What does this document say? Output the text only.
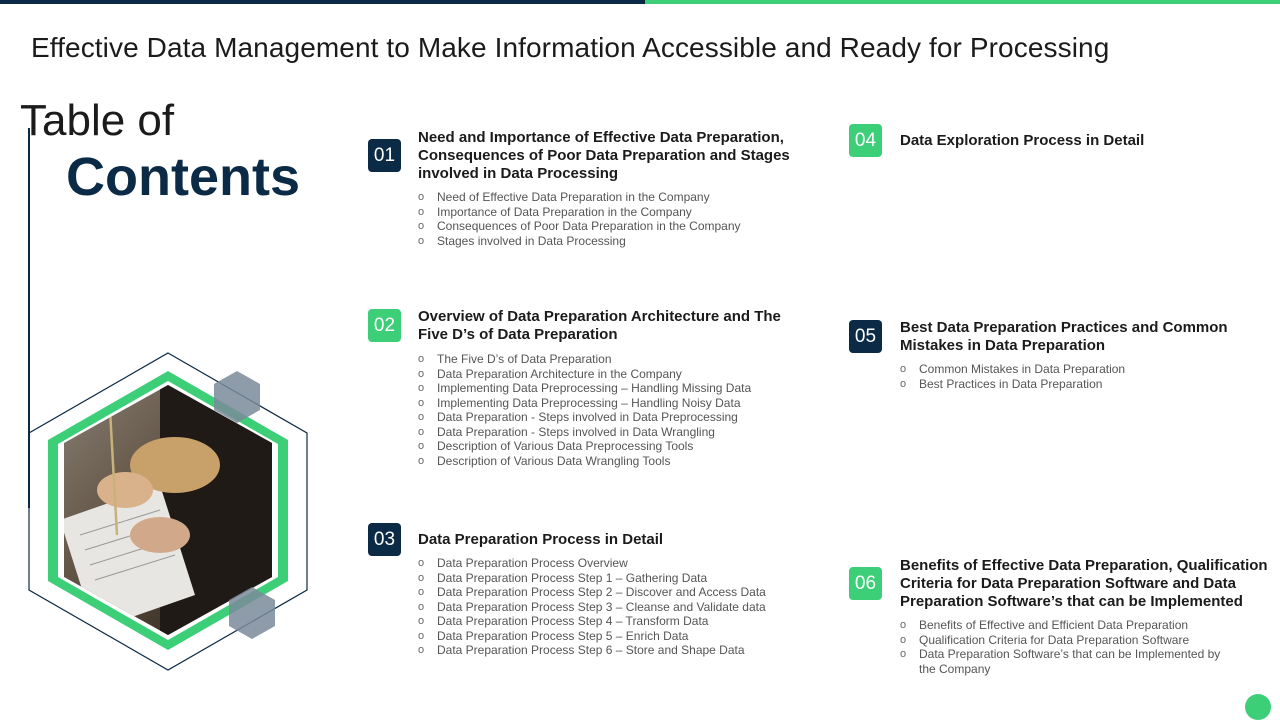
Effective Data Management to Make Information Accessible and Ready for Processing
Table of
Contents	01
Need and Importance of Effective Data Preparation, Consequences of Poor Data Preparation and Stages involved in Data Processing
o Need of Effective Data Preparation in the Company
o Importance of Data Preparation in the Company
o Consequences of Poor Data Preparation in the Company
o Stages involved in Data Processing
02	Overview of Data Preparation Architecture and The Five D’s of Data Preparation
o The Five D’s of Data Preparation
o Data Preparation Architecture in the Company
o Implementing Data Preprocessing – Handling Missing Data
o Implementing Data Preprocessing – Handling Noisy Data
o Data Preparation - Steps involved in Data Preprocessing
o Data Preparation - Steps involved in Data Wrangling
o Description of Various Data Preprocessing Tools
o Description of Various Data Wrangling Tools
03	Data Preparation Process in Detail
o Data Preparation Process Overview
o Data Preparation Process Step 1 – Gathering Data
o Data Preparation Process Step 2 – Discover and Access Data
o Data Preparation Process Step 3 – Cleanse and Validate data
o Data Preparation Process Step 4 – Transform Data
o Data Preparation Process Step 5 – Enrich Data
o Data Preparation Process Step 6 – Store and Shape Data
04	Data Exploration Process in Detail
05	Best Data Preparation Practices and Common Mistakes in Data Preparation
o Common Mistakes in Data Preparation
o Best Practices in Data Preparation
06
Benefits of Effective Data Preparation, Qualification Criteria for Data Preparation Software and Data Preparation Software’s that can be Implemented
o Benefits of Effective and Efficient Data Preparation
o Qualification Criteria for Data Preparation Software
o Data Preparation Software’s that can be Implemented by the Company
